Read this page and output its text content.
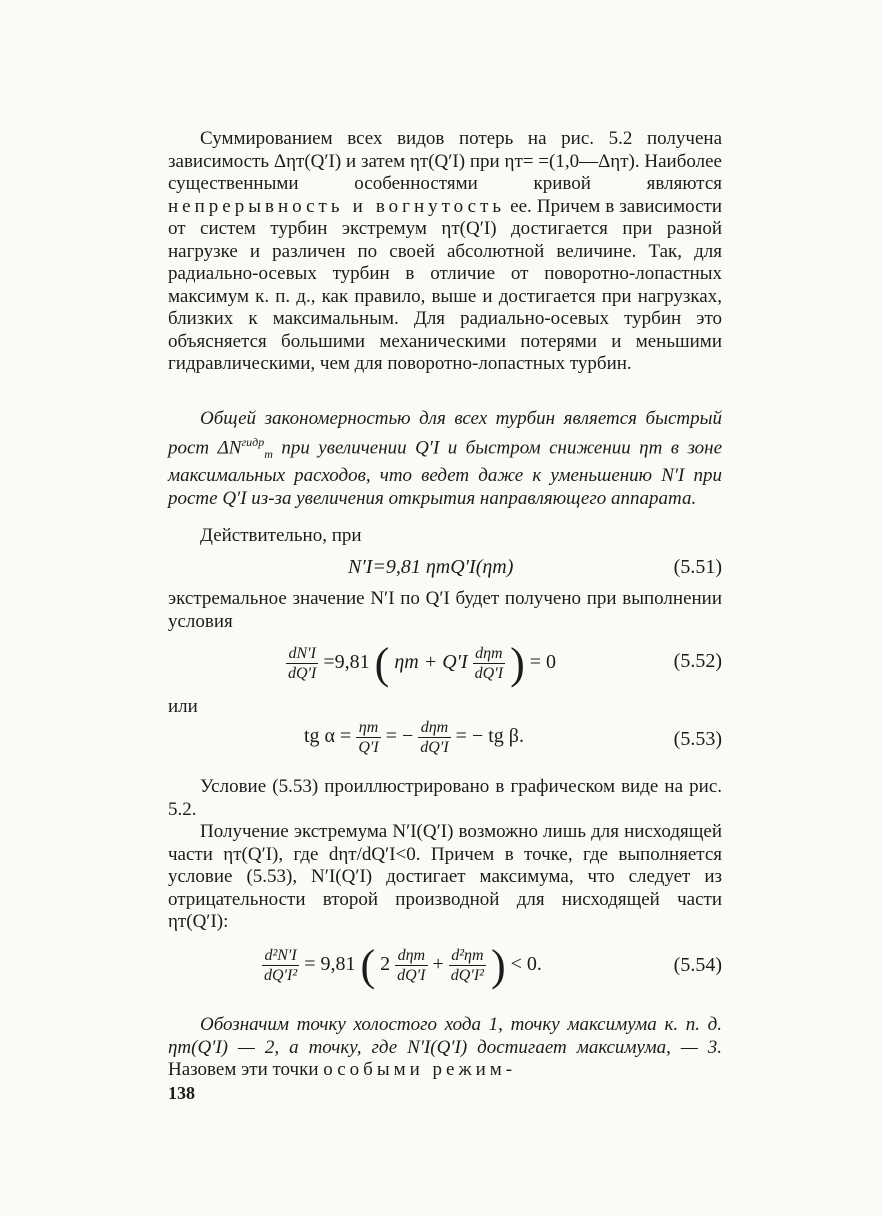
Суммированием всех видов потерь на рис. 5.2 получена зависимость Δηт(Q′I) и затем ηт(Q′I) при ηт= =(1,0—Δηт). Наиболее существенными особенностями кривой являются непрерывность и вогнутость ее. Причем в зависимости от систем турбин экстремум ηт(Q′I) достигается при разной нагрузке и различен по своей абсолютной величине. Так, для радиально-осевых турбин в отличие от поворотно-лопастных максимум к. п. д., как правило, выше и достигается при нагрузках, близких к максимальным. Для радиально-осевых турбин это объясняется большими механическими потерями и меньшими гидравлическими, чем для поворотно-лопастных турбин.

Общей закономерностью для всех турбин является быстрый рост $\Delta N^{гидр}_т$ при увеличении Q′I и быстром снижении ηт в зоне максимальных расходов, что ведет даже к уменьшению N′I при росте Q′I из-за увеличения открытия направляющего аппарата.

Действительно, при

N′I=9,81 ηтQ′I(ηт)	(5.51)

экстремальное значение N′I по Q′I будет получено при выполнении условия

$\frac{dN'I}{dQ'I} =9,81$ ( $\eta т + Q'I \frac{\text{dηт}}{dQ'I}$ ) = 0	(5.52)

или

tg $\alpha = \frac{\eta т}{Q'I}$ = − $\frac{\text{dηт}}{dQ'I}$ = − tg β.	(5.53)

Условие (5.53) проиллюстрировано в графическом виде на рис. 5.2.

Получение экстремума N′I(Q′I) возможно лишь для нисходящей части ηт(Q′I), где dηт/dQ′I<0. Причем в точке, где выполняется условие (5.53), N′I(Q′I) достигает максимума, что следует из отрицательности второй производной для нисходящей части ηт(Q′I):

$\frac{\text{d²N′I}}{\text{dQ′I²}} = 9,81$ ( $2 \frac{\text{dηт}}{dQ'I} + \frac{\text{d²ηт}}{\text{dQ′I²}}$ ) < 0.	(5.54)

Обозначим точку холостого хода 1, точку максимума к. п. д. ηт(Q′I) — 2, а точку, где N′I(Q′I) достигает максимума, — 3. Назовем эти точки особыми режим-

138
